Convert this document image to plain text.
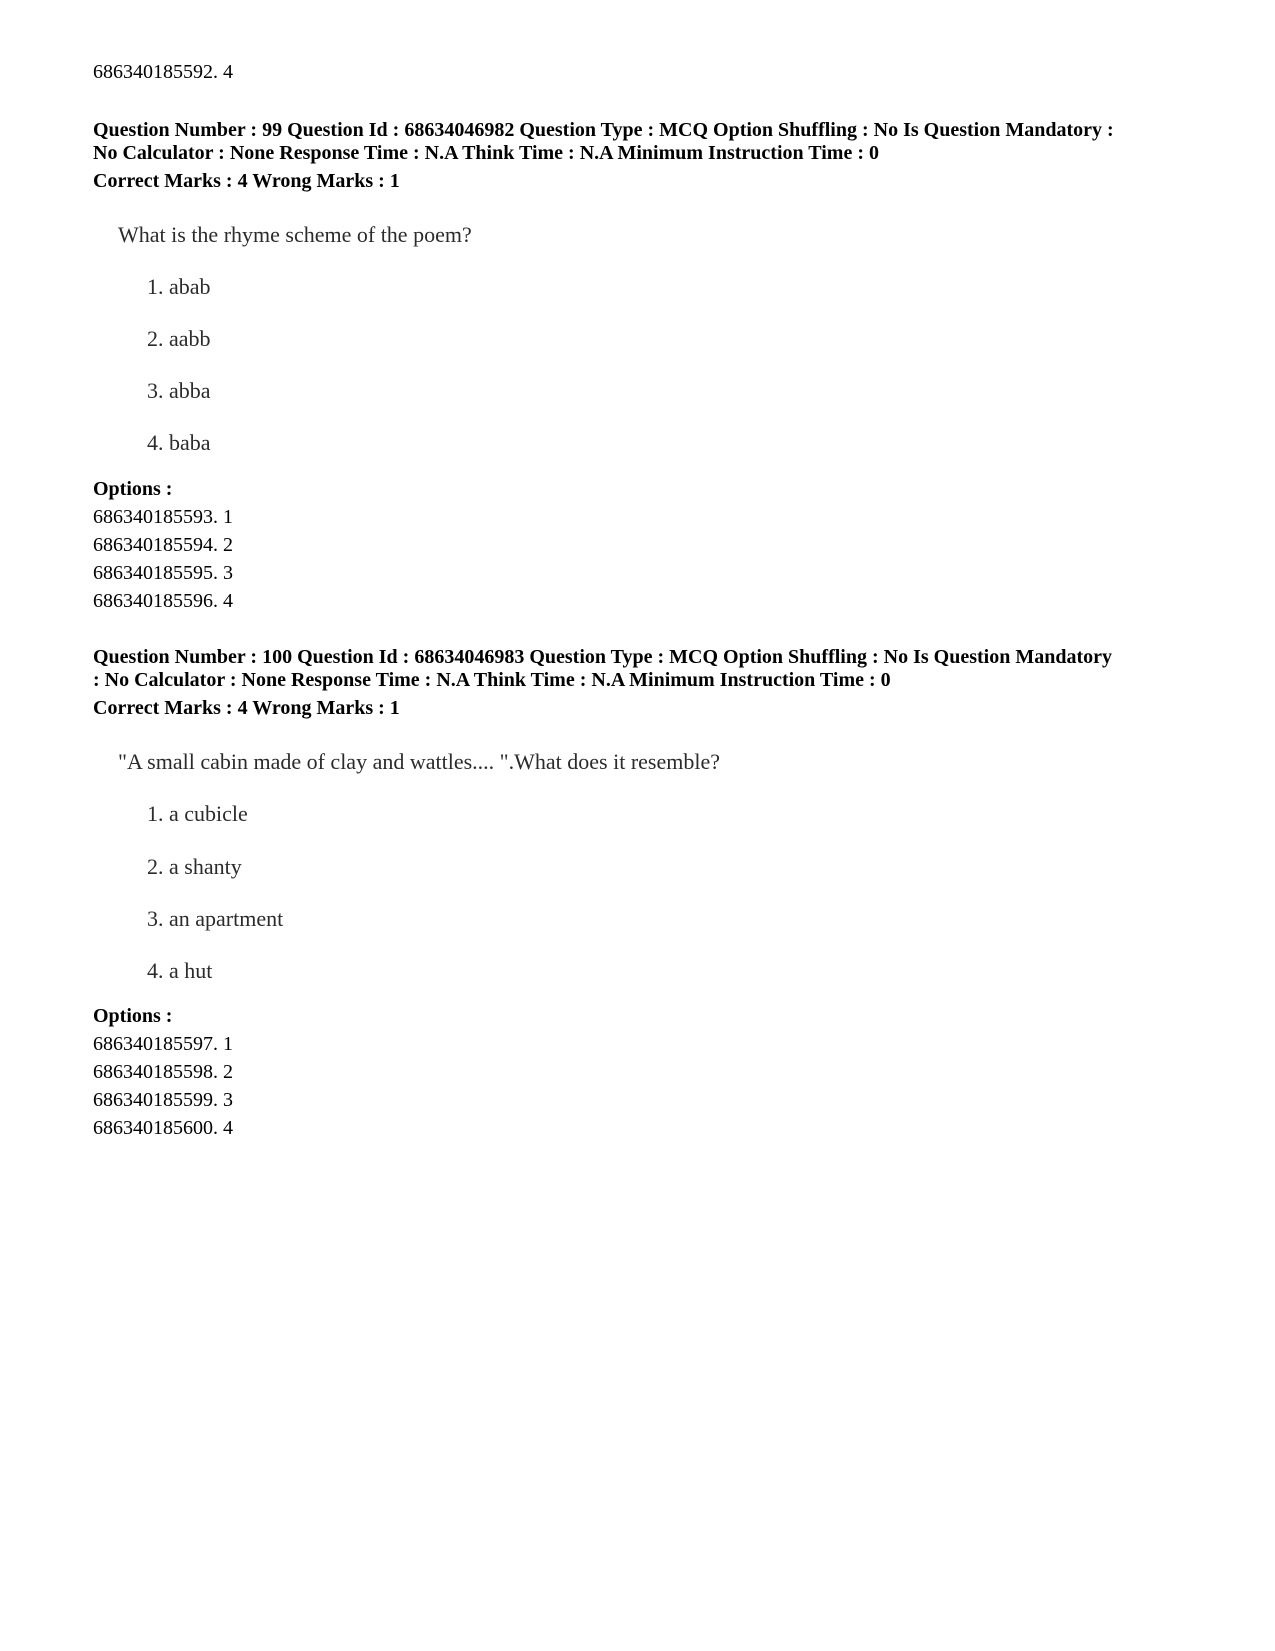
686340185592. 4
Question Number : 99 Question Id : 68634046982 Question Type : MCQ Option Shuffling : No Is Question Mandatory :
No Calculator : None Response Time : N.A Think Time : N.A Minimum Instruction Time : 0
Correct Marks : 4 Wrong Marks : 1
What is the rhyme scheme of the poem?
1. abab
2. aabb
3. abba
4. baba
Options :
686340185593. 1
686340185594. 2
686340185595. 3
686340185596. 4
Question Number : 100 Question Id : 68634046983 Question Type : MCQ Option Shuffling : No Is Question Mandatory
: No Calculator : None Response Time : N.A Think Time : N.A Minimum Instruction Time : 0
Correct Marks : 4 Wrong Marks : 1
"A small cabin made of clay and wattles.... ".What does it resemble?
1. a cubicle
2. a shanty
3. an apartment
4. a hut
Options :
686340185597. 1
686340185598. 2
686340185599. 3
686340185600. 4
